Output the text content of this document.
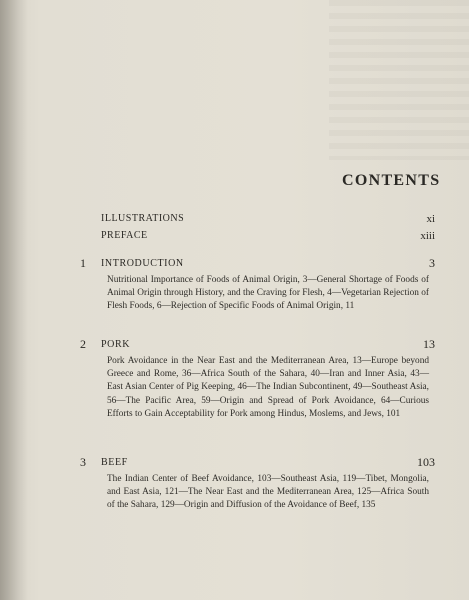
CONTENTS
ILLUSTRATIONS	xi
PREFACE	xiii
1 INTRODUCTION	3
Nutritional Importance of Foods of Animal Origin, 3—General Shortage of Foods of Animal Origin through History, and the Craving for Flesh, 4—Vegetarian Rejection of Flesh Foods, 6—Rejection of Specific Foods of Animal Origin, 11
2 PORK	13
Pork Avoidance in the Near East and the Mediterranean Area, 13—Europe beyond Greece and Rome, 36—Africa South of the Sahara, 40—Iran and Inner Asia, 43—East Asian Center of Pig Keeping, 46—The Indian Subcontinent, 49—Southeast Asia, 56—The Pacific Area, 59—Origin and Spread of Pork Avoidance, 64—Curious Efforts to Gain Acceptability for Pork among Hindus, Moslems, and Jews, 101
3 BEEF	103
The Indian Center of Beef Avoidance, 103—Southeast Asia, 119—Tibet, Mongolia, and East Asia, 121—The Near East and the Mediterranean Area, 125—Africa South of the Sahara, 129—Origin and Diffusion of the Avoidance of Beef, 135
